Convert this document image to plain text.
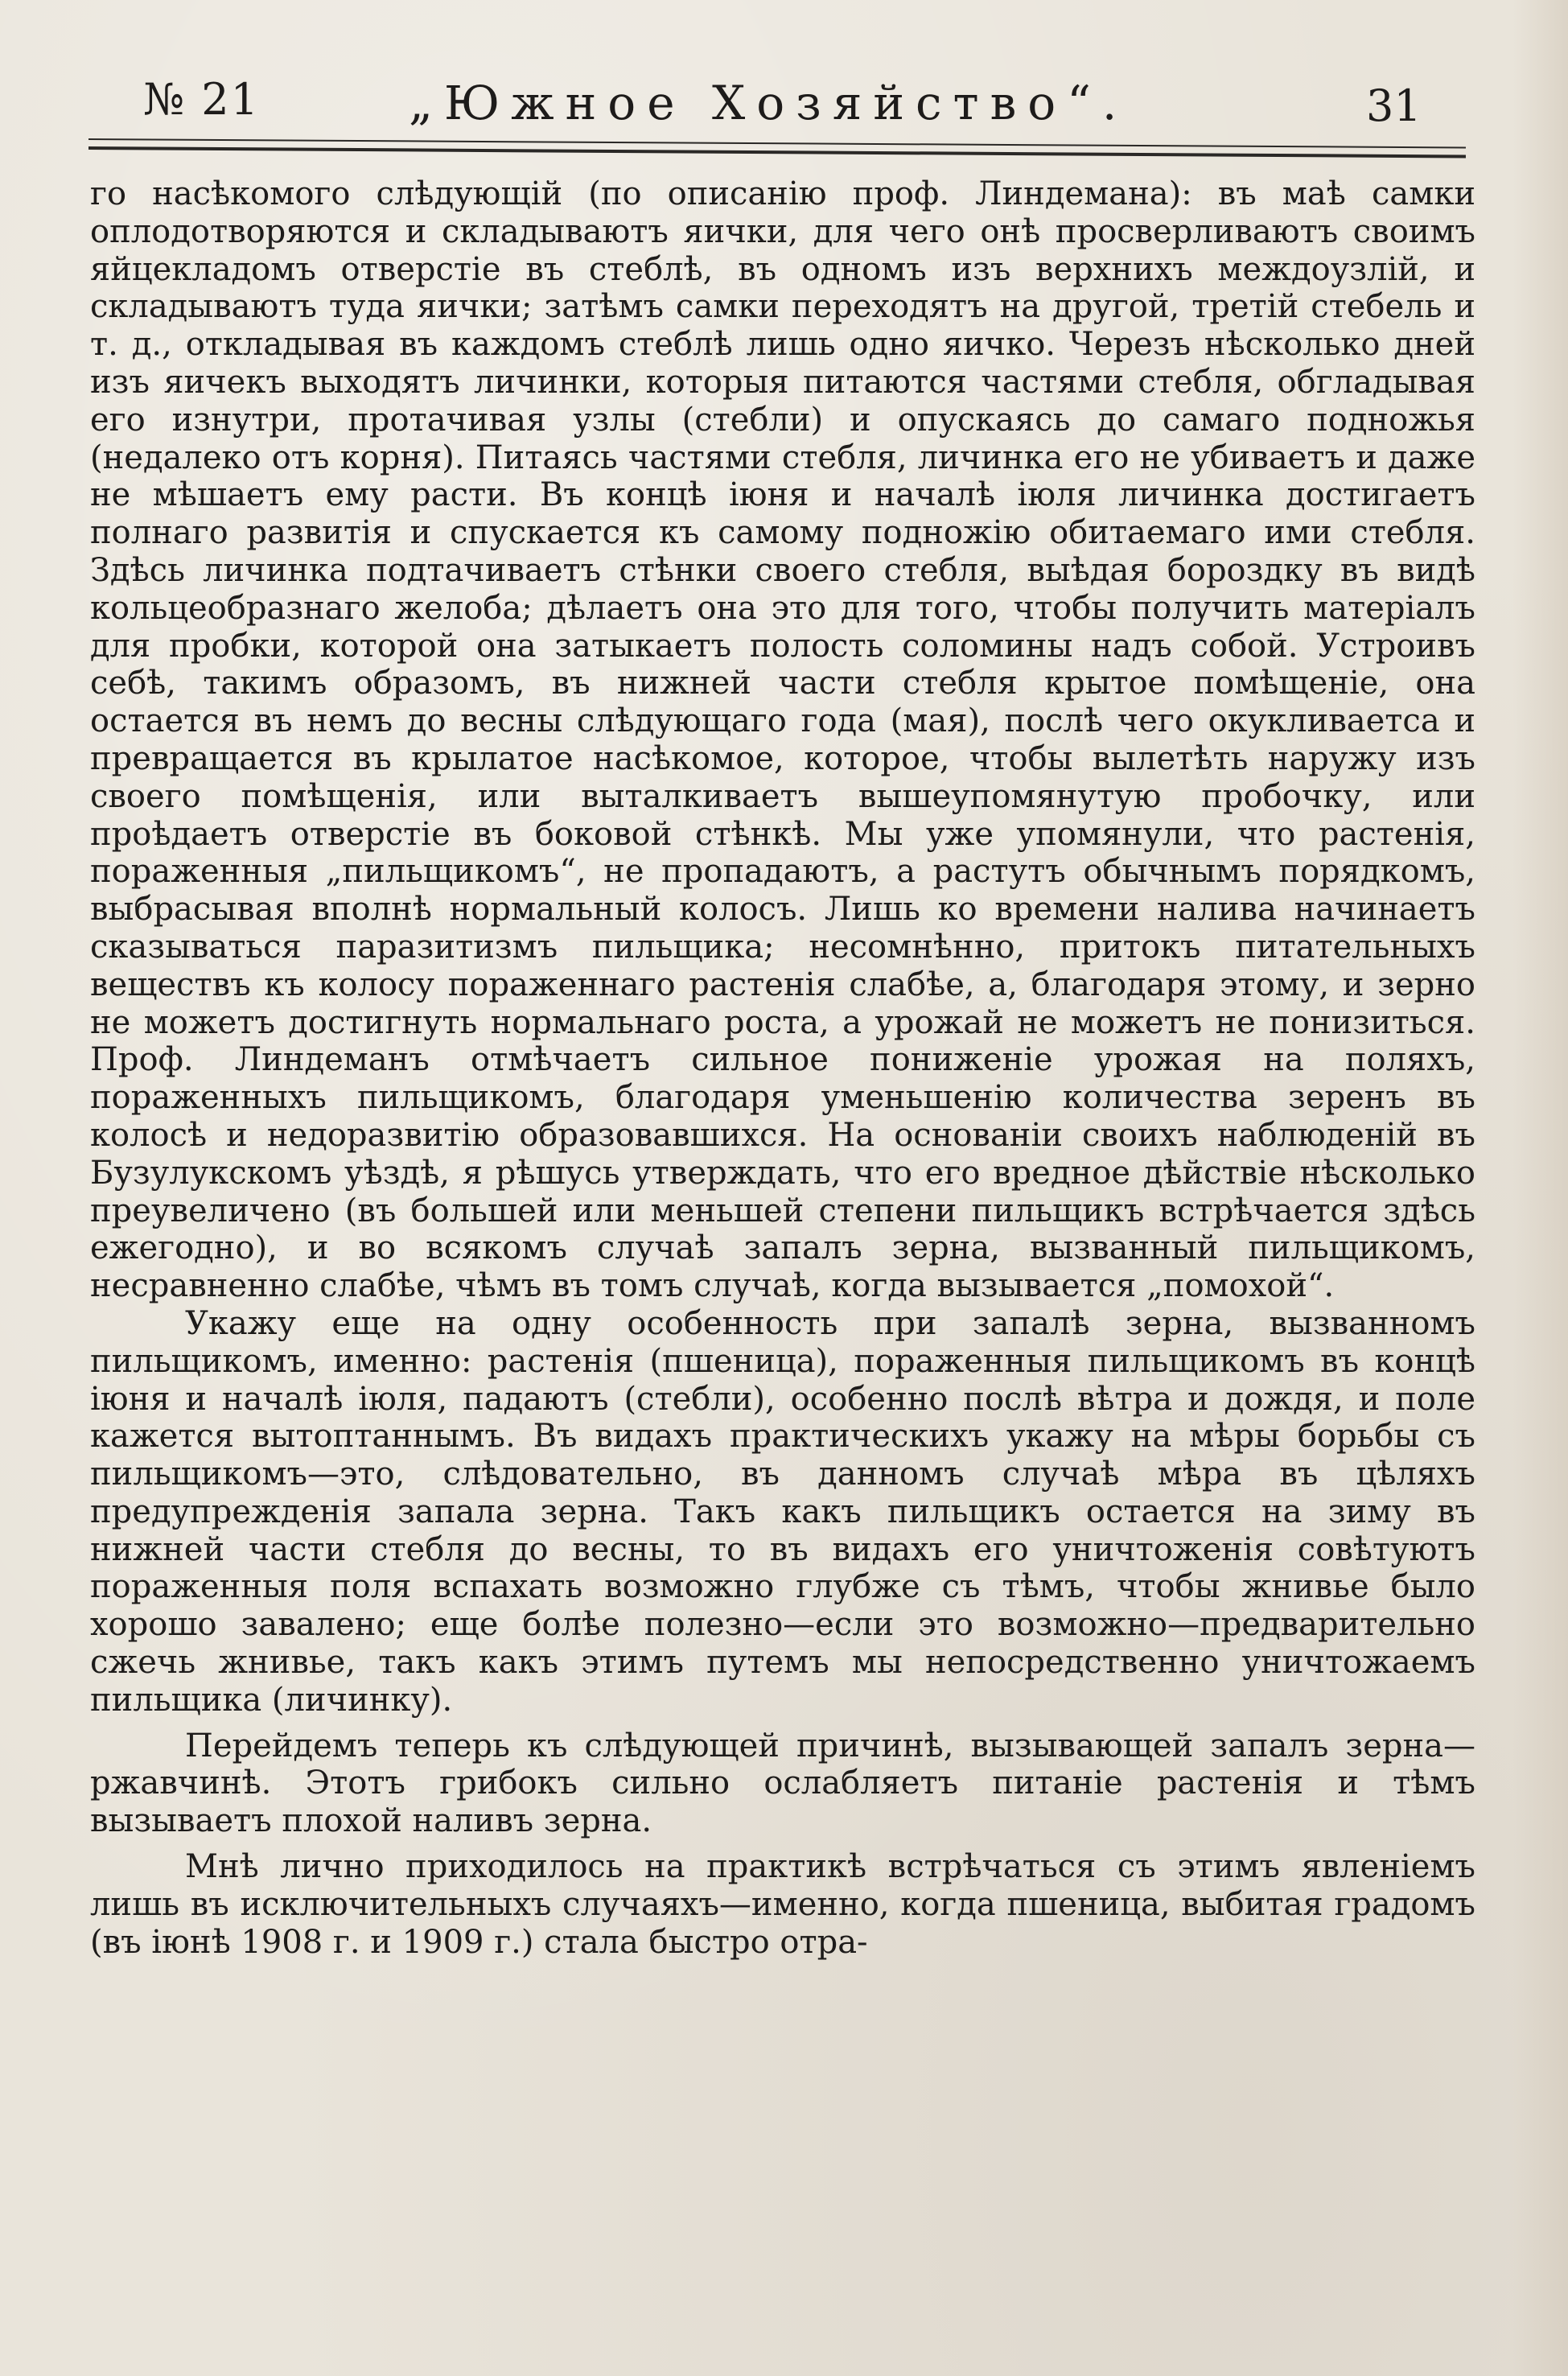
№ 21	„Южное Хозяйство“.	31

го насѣкомого слѣдующій (по описанію проф. Линдемана): въ маѣ самки оплодотворяются и складываютъ яички, для чего онѣ просверливаютъ своимъ яйцекладомъ отверстіе въ стеблѣ, въ одномъ изъ верхнихъ междоузлій, и складываютъ туда яички; затѣмъ самки переходятъ на другой, третій стебель и т. д., откладывая въ каждомъ стеблѣ лишь одно яичко. Черезъ нѣсколько дней изъ яичекъ выходятъ личинки, которыя питаются частями стебля, обгладывая его изнутри, протачивая узлы (стебли) и опускаясь до самаго подножья (недалеко отъ корня). Питаясь частями стебля, личинка его не убиваетъ и даже не мѣшаетъ ему расти. Въ концѣ іюня и началѣ іюля личинка достигаетъ полнаго развитія и спускается къ самому подножію обитаемаго ими стебля. Здѣсь личинка подтачиваетъ стѣнки своего стебля, выѣдая бороздку въ видѣ кольцеобразнаго желоба; дѣлаетъ она это для того, чтобы получить матеріалъ для пробки, которой она затыкаетъ полость соломины надъ собой. Устроивъ себѣ, такимъ образомъ, въ нижней части стебля крытое помѣщеніе, она остается въ немъ до весны слѣдующаго года (мая), послѣ чего окукливаетса и превращается въ крылатое насѣкомое, которое, чтобы вылетѣть наружу изъ своего помѣщенія, или выталкиваетъ вышеупомянутую пробочку, или проѣдаетъ отверстіе въ боковой стѣнкѣ. Мы уже упомянули, что растенія, пораженныя „пильщикомъ“, не пропадаютъ, а растутъ обычнымъ порядкомъ, выбрасывая вполнѣ нормальный колосъ. Лишь ко времени налива начинаетъ сказываться паразитизмъ пильщика; несомнѣнно, притокъ питательныхъ веществъ къ колосу пораженнаго растенія слабѣе, а, благодаря этому, и зерно не можетъ достигнуть нормальнаго роста, а урожай не можетъ не понизиться. Проф. Линдеманъ отмѣчаетъ сильное пониженіе урожая на поляхъ, пораженныхъ пильщикомъ, благодаря уменьшенію количества зеренъ въ колосѣ и недоразвитію образовавшихся. На основаніи своихъ наблюденій въ Бузулукскомъ уѣздѣ, я рѣшусь утверждать, что его вредное дѣйствіе нѣсколько преувеличено (въ большей или меньшей степени пильщикъ встрѣчается здѣсь ежегодно), и во всякомъ случаѣ запалъ зерна, вызванный пильщикомъ, несравненно слабѣе, чѣмъ въ томъ случаѣ, когда вызывается „помохой“.

Укажу еще на одну особенность при запалѣ зерна, вызванномъ пильщикомъ, именно: растенія (пшеница), пораженныя пильщикомъ въ концѣ іюня и началѣ іюля, падаютъ (стебли), особенно послѣ вѣтра и дождя, и поле кажется вытоптаннымъ. Въ видахъ практическихъ укажу на мѣры борьбы съ пильщикомъ—это, слѣдовательно, въ данномъ случаѣ мѣра въ цѣляхъ предупрежденія запала зерна. Такъ какъ пильщикъ остается на зиму въ нижней части стебля до весны, то въ видахъ его уничтоженія совѣтуютъ пораженныя поля вспахать возможно глубже съ тѣмъ, чтобы жнивье было хорошо завалено; еще болѣе полезно—если это возможно—предварительно сжечь жнивье, такъ какъ этимъ путемъ мы непосредственно уничтожаемъ пильщика (личинку).

Перейдемъ теперь къ слѣдующей причинѣ, вызывающей запалъ зерна—ржавчинѣ. Этотъ грибокъ сильно ослабляетъ питаніе растенія и тѣмъ вызываетъ плохой наливъ зерна.

Мнѣ лично приходилось на практикѣ встрѣчаться съ этимъ явленіемъ лишь въ исключительныхъ случаяхъ—именно, когда пшеница, выбитая градомъ (въ іюнѣ 1908 г. и 1909 г.) стала быстро отра-
